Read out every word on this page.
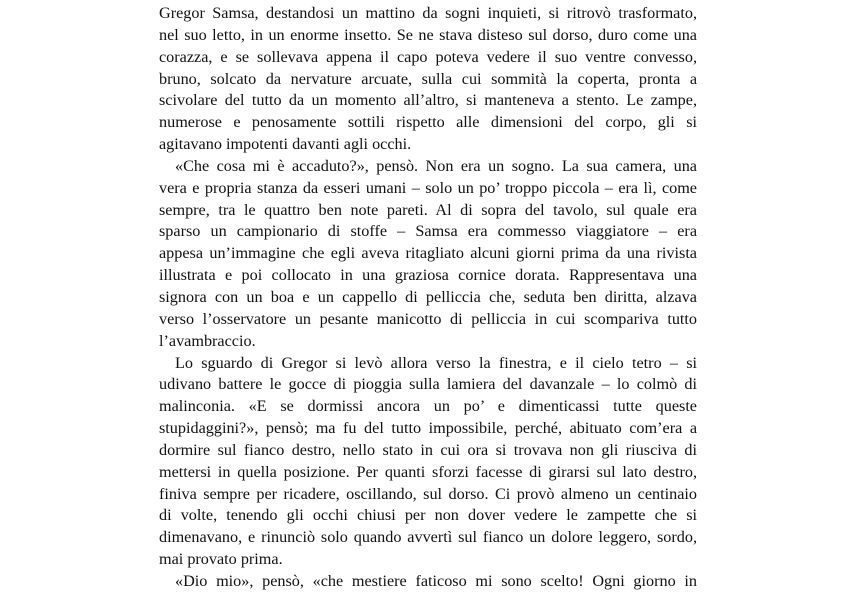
Gregor Samsa, destandosi un mattino da sogni inquieti, si ritrovò trasformato,
nel suo letto, in un enorme insetto. Se ne stava disteso sul dorso, duro come una
corazza, e se sollevava appena il capo poteva vedere il suo ventre convesso,
bruno, solcato da nervature arcuate, sulla cui sommità la coperta, pronta a
scivolare del tutto da un momento all’altro, si manteneva a stento. Le zampe,
numerose e penosamente sottili rispetto alle dimensioni del corpo, gli si
agitavano impotenti davanti agli occhi.
«Che cosa mi è accaduto?», pensò. Non era un sogno. La sua camera, una
vera e propria stanza da esseri umani – solo un po’ troppo piccola – era lì, come
sempre, tra le quattro ben note pareti. Al di sopra del tavolo, sul quale era
sparso un campionario di stoffe – Samsa era commesso viaggiatore – era
appesa un’immagine che egli aveva ritagliato alcuni giorni prima da una rivista
illustrata e poi collocato in una graziosa cornice dorata. Rappresentava una
signora con un boa e un cappello di pelliccia che, seduta ben diritta, alzava
verso l’osservatore un pesante manicotto di pelliccia in cui scompariva tutto
l’avambraccio.
Lo sguardo di Gregor si levò allora verso la finestra, e il cielo tetro – si
udivano battere le gocce di pioggia sulla lamiera del davanzale – lo colmò di
malinconia. «E se dormissi ancora un po’ e dimenticassi tutte queste
stupidaggini?», pensò; ma fu del tutto impossibile, perché, abituato com’era a
dormire sul fianco destro, nello stato in cui ora si trovava non gli riusciva di
mettersi in quella posizione. Per quanti sforzi facesse di girarsi sul lato destro,
finiva sempre per ricadere, oscillando, sul dorso. Ci provò almeno un centinaio
di volte, tenendo gli occhi chiusi per non dover vedere le zampette che si
dimenavano, e rinunciò solo quando avvertì sul fianco un dolore leggero, sordo,
mai provato prima.
«Dio mio», pensò, «che mestiere faticoso mi sono scelto! Ogni giorno in
